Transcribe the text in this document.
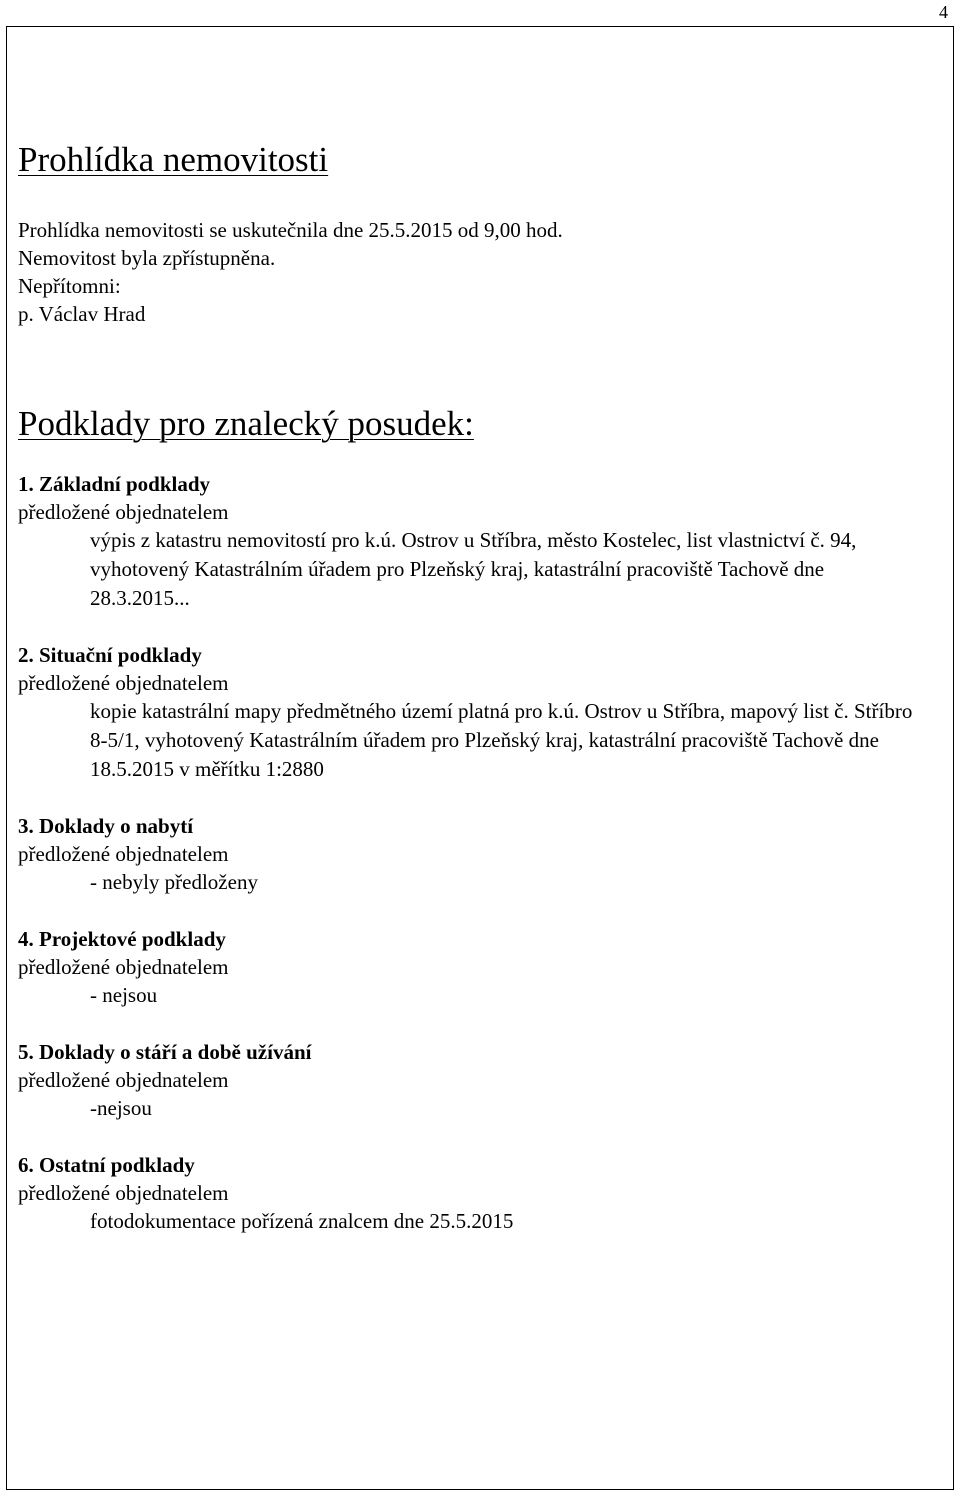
4
Prohlídka nemovitosti
Prohlídka nemovitosti se uskutečnila dne 25.5.2015 od 9,00 hod.
Nemovitost byla zpřístupněna.
Nepřítomni:
p. Václav Hrad
Podklady pro znalecký posudek:
1. Základní podklady
předložené objednatelem
výpis z katastru nemovitostí pro k.ú. Ostrov u Stříbra, město Kostelec, list vlastnictví č. 94, vyhotovený Katastrálním úřadem pro Plzeňský kraj, katastrální pracoviště Tachově dne 28.3.2015...
2. Situační podklady
předložené objednatelem
kopie katastrální mapy předmětného území platná pro k.ú. Ostrov u Stříbra, mapový list č. Stříbro 8-5/1, vyhotovený Katastrálním úřadem pro Plzeňský kraj, katastrální pracoviště Tachově dne 18.5.2015 v měřítku 1:2880
3. Doklady o nabytí
předložené objednatelem
- nebyly předloženy
4. Projektové podklady
předložené objednatelem
- nejsou
5. Doklady o stáří a době užívání
předložené objednatelem
-nejsou
6. Ostatní podklady
předložené objednatelem
fotodokumentace pořízená znalcem dne 25.5.2015
